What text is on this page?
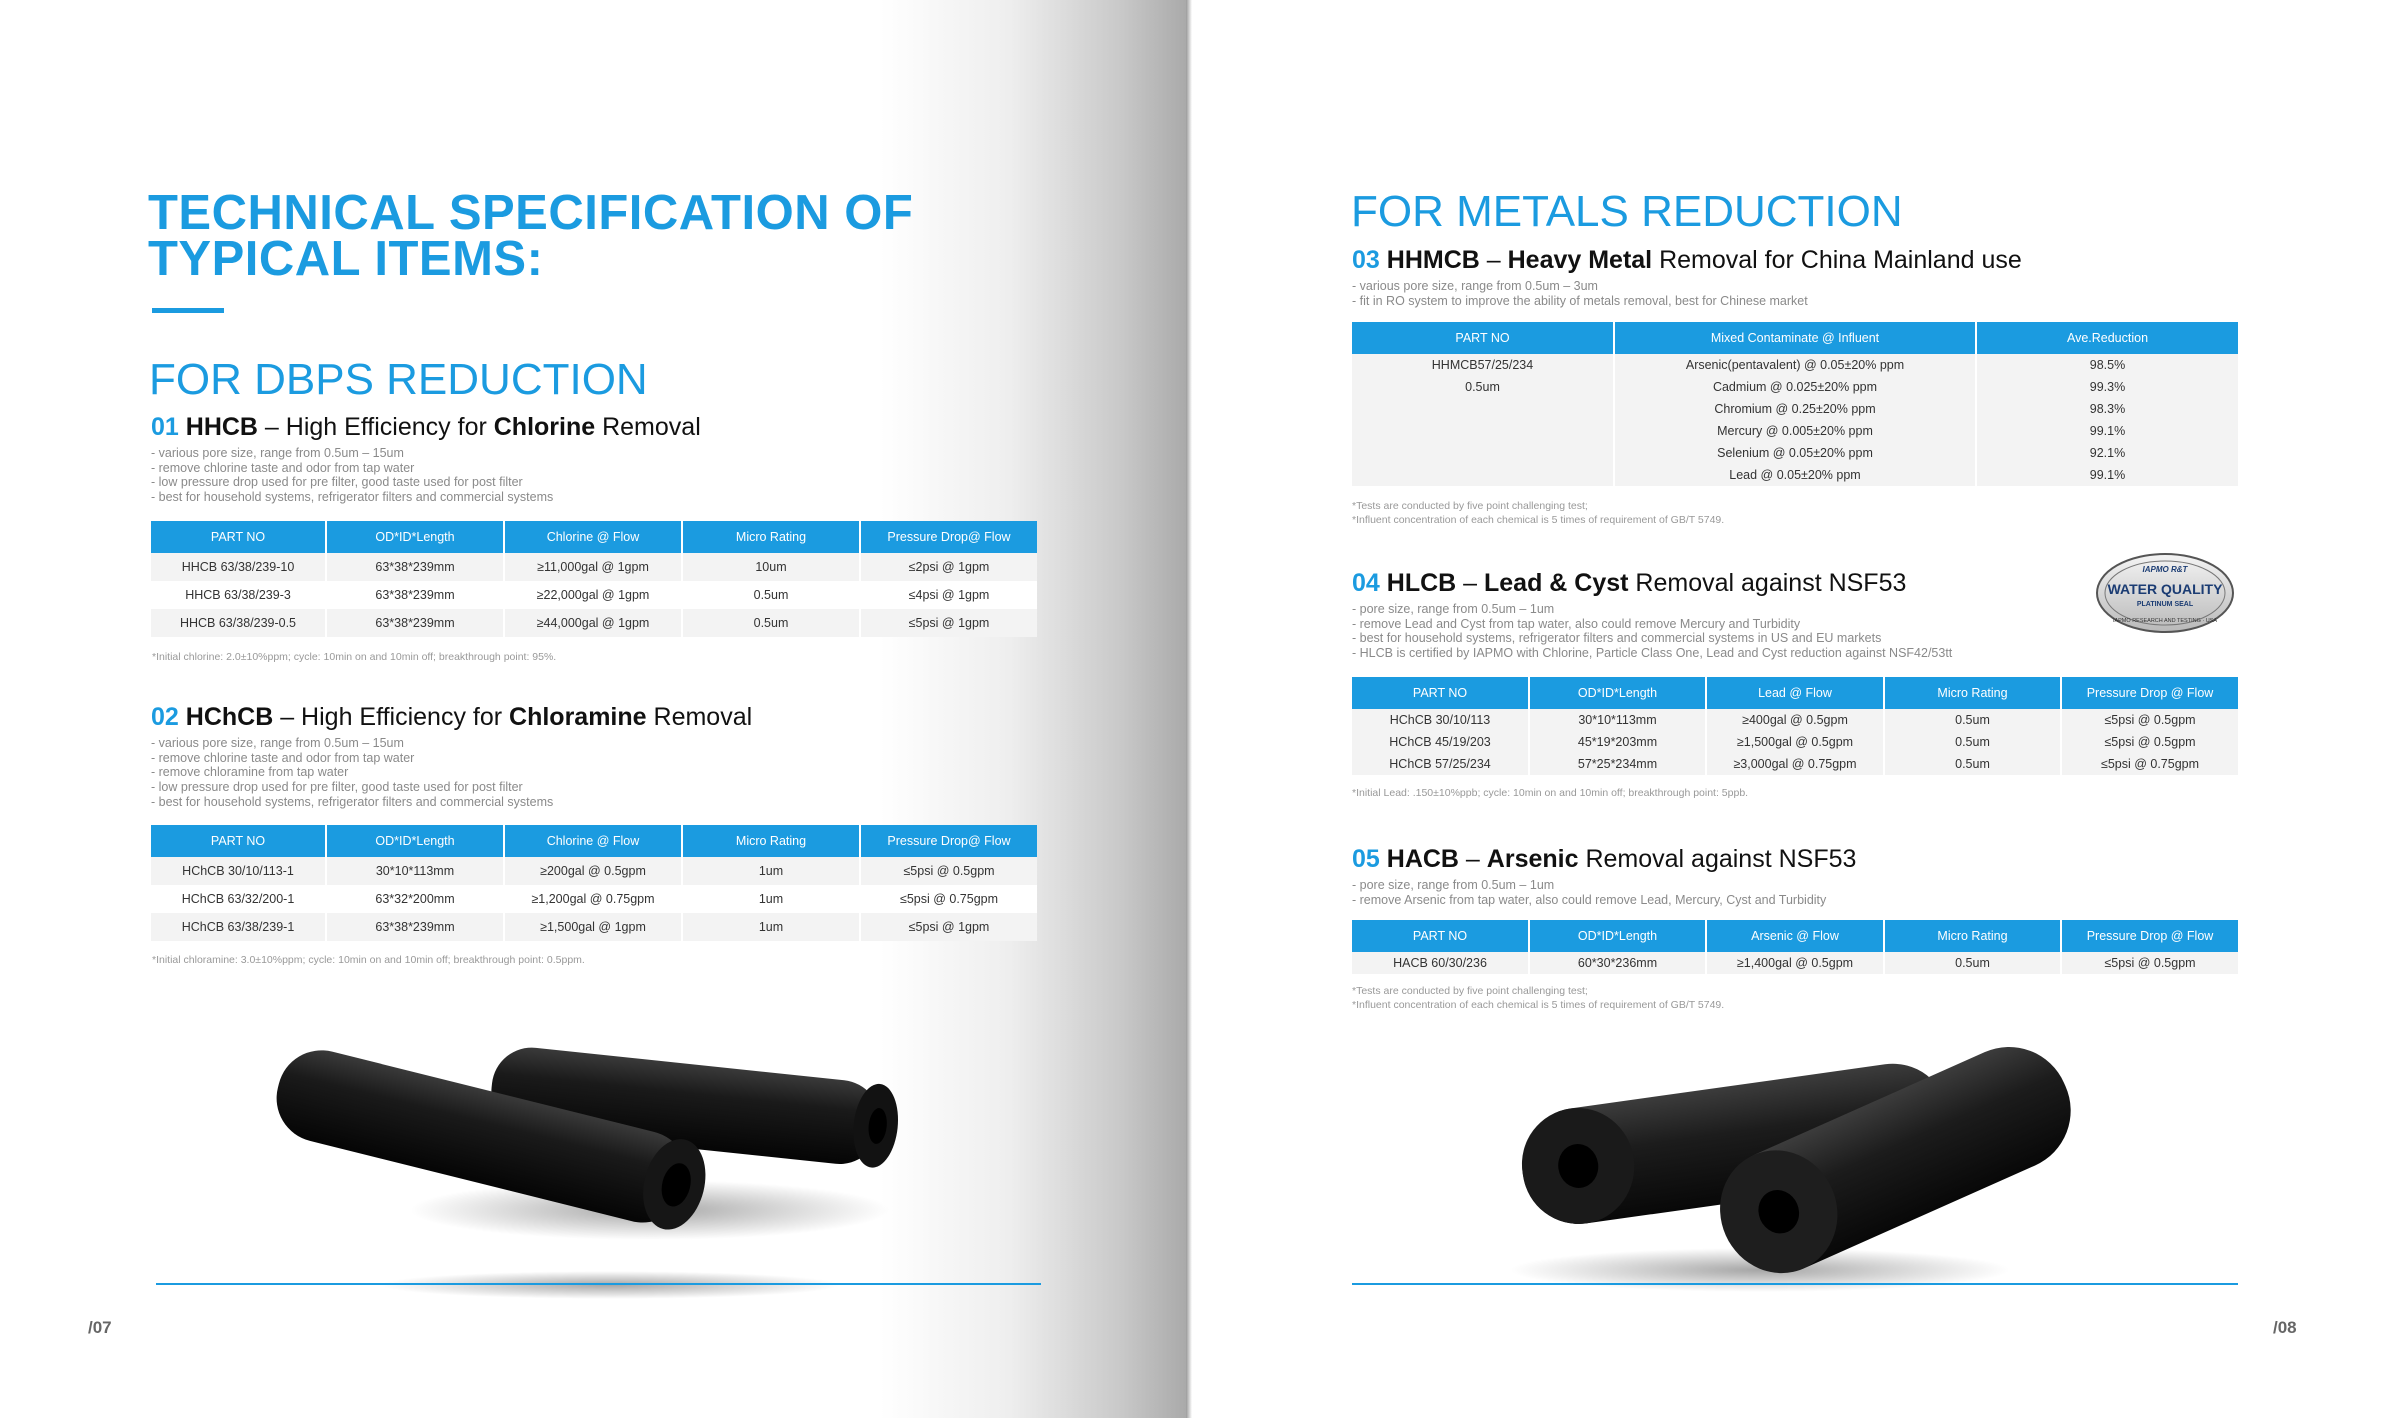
TECHNICAL SPECIFICATION OF
TYPICAL ITEMS:
FOR DBPS REDUCTION
01 HHCB – High Efficiency for Chlorine Removal
- various pore size, range from 0.5um – 15um
- remove chlorine taste and odor from tap water
- low pressure drop used for pre filter, good taste used for post filter
- best for household systems, refrigerator filters and commercial systems
PART NO	OD*ID*Length	Chlorine @ Flow	Micro Rating	Pressure Drop@ Flow
HHCB 63/38/239-10	63*38*239mm	≥11,000gal @ 1gpm	10um	≤2psi @ 1gpm
HHCB 63/38/239-3	63*38*239mm	≥22,000gal @ 1gpm	0.5um	≤4psi @ 1gpm
HHCB 63/38/239-0.5	63*38*239mm	≥44,000gal @ 1gpm	0.5um	≤5psi @ 1gpm
*Initial chlorine: 2.0±10%ppm; cycle: 10min on and 10min off; breakthrough point: 95%.
02 HChCB – High Efficiency for Chloramine Removal
- various pore size, range from 0.5um – 15um
- remove chlorine taste and odor from tap water
- remove chloramine from tap water
- low pressure drop used for pre filter, good taste used for post filter
- best for household systems, refrigerator filters and commercial systems
PART NO	OD*ID*Length	Chlorine @ Flow	Micro Rating	Pressure Drop@ Flow
HChCB 30/10/113-1	30*10*113mm	≥200gal @ 0.5gpm	1um	≤5psi @ 0.5gpm
HChCB 63/32/200-1	63*32*200mm	≥1,200gal @ 0.75gpm	1um	≤5psi @ 0.75gpm
HChCB 63/38/239-1	63*38*239mm	≥1,500gal @ 1gpm	1um	≤5psi @ 1gpm
*Initial chloramine: 3.0±10%ppm; cycle: 10min on and 10min off; breakthrough point: 0.5ppm.
/07
FOR METALS REDUCTION
03 HHMCB – Heavy Metal Removal for China Mainland use
- various pore size, range from 0.5um – 3um
- fit in RO system to improve the ability of metals removal, best for Chinese market
PART NO	Mixed Contaminate @ Influent	Ave.Reduction
HHMCB57/25/234	Arsenic(pentavalent) @ 0.05±20% ppm	98.5%
0.5um	Cadmium @ 0.025±20% ppm	99.3%
	Chromium @ 0.25±20% ppm	98.3%
	Mercury @ 0.005±20% ppm	99.1%
	Selenium @ 0.05±20% ppm	92.1%
	Lead @ 0.05±20% ppm	99.1%
*Tests are conducted by five point challenging test;
*Influent concentration of each chemical is 5 times of requirement of GB/T 5749.
04 HLCB – Lead & Cyst Removal against NSF53
- pore size, range from 0.5um – 1um
- remove Lead and Cyst from tap water, also could remove Mercury and Turbidity
- best for household systems, refrigerator filters and commercial systems in US and EU markets
- HLCB is certified by IAPMO with Chlorine, Particle Class One, Lead and Cyst reduction against NSF42/53tt
IAPMO R&T
WATER QUALITY
PLATINUM SEAL
IAPMO RESEARCH AND TESTING · USA
PART NO	OD*ID*Length	Lead @ Flow	Micro Rating	Pressure Drop @ Flow
HChCB 30/10/113	30*10*113mm	≥400gal @ 0.5gpm	0.5um	≤5psi @ 0.5gpm
HChCB 45/19/203	45*19*203mm	≥1,500gal @ 0.5gpm	0.5um	≤5psi @ 0.5gpm
HChCB 57/25/234	57*25*234mm	≥3,000gal @ 0.75gpm	0.5um	≤5psi @ 0.75gpm
*Initial Lead: .150±10%ppb; cycle: 10min on and 10min off; breakthrough point: 5ppb.
05 HACB – Arsenic Removal against NSF53
- pore size, range from 0.5um – 1um
- remove Arsenic from tap water, also could remove Lead, Mercury, Cyst and Turbidity
PART NO	OD*ID*Length	Arsenic @ Flow	Micro Rating	Pressure Drop @ Flow
HACB 60/30/236	60*30*236mm	≥1,400gal @ 0.5gpm	0.5um	≤5psi @ 0.5gpm
*Tests are conducted by five point challenging test;
*Influent concentration of each chemical is 5 times of requirement of GB/T 5749.
/08
